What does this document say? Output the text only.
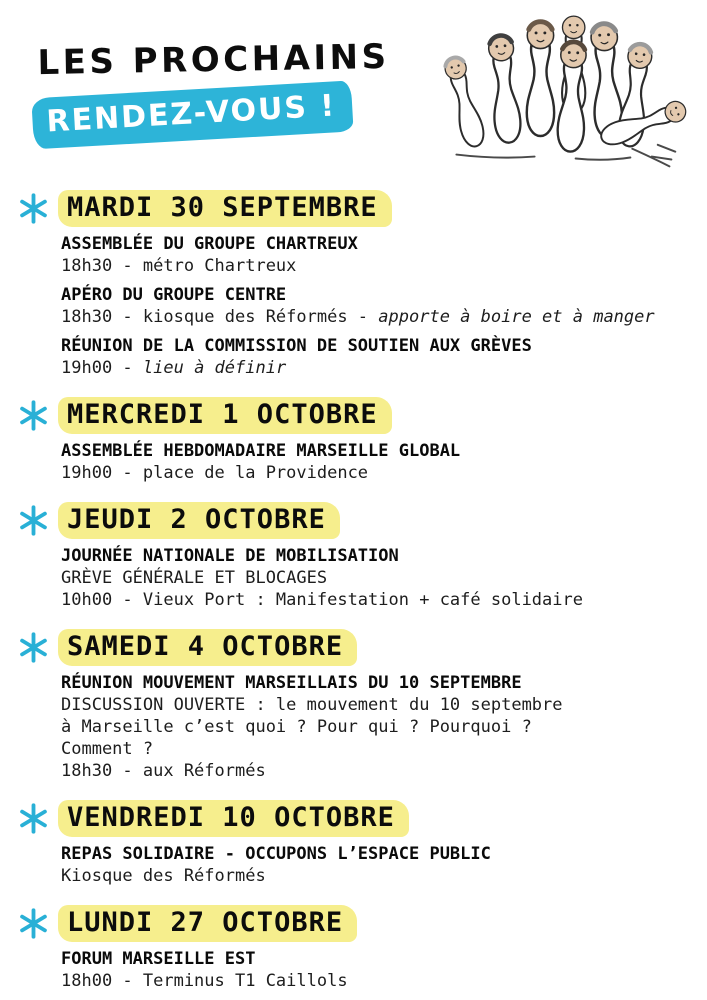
LES PROCHAINS
RENDEZ-VOUS !
MARDI 30 SEPTEMBRE

ASSEMBLÉE DU GROUPE CHARTREUX

18h30 - métro Chartreux

APÉRO DU GROUPE CENTRE

18h30 - kiosque des Réformés - apporte à boire et à manger

RÉUNION DE LA COMMISSION DE SOUTIEN AUX GRÈVES

19h00 - lieu à définir

MERCREDI 1 OCTOBRE

ASSEMBLÉE HEBDOMADAIRE MARSEILLE GLOBAL

19h00 - place de la Providence

JEUDI 2 OCTOBRE

JOURNÉE NATIONALE DE MOBILISATION

GRÈVE GÉNÉRALE ET BLOCAGES

10h00 - Vieux Port : Manifestation + café solidaire

SAMEDI 4 OCTOBRE

RÉUNION MOUVEMENT MARSEILLAIS DU 10 SEPTEMBRE

DISCUSSION OUVERTE : le mouvement du 10 septembre

à Marseille c’est quoi ? Pour qui ? Pourquoi ?

Comment ?

18h30 - aux Réformés

VENDREDI 10 OCTOBRE

REPAS SOLIDAIRE - OCCUPONS L’ESPACE PUBLIC

Kiosque des Réformés

LUNDI 27 OCTOBRE

FORUM MARSEILLE EST

18h00 - Terminus T1 Caillols
